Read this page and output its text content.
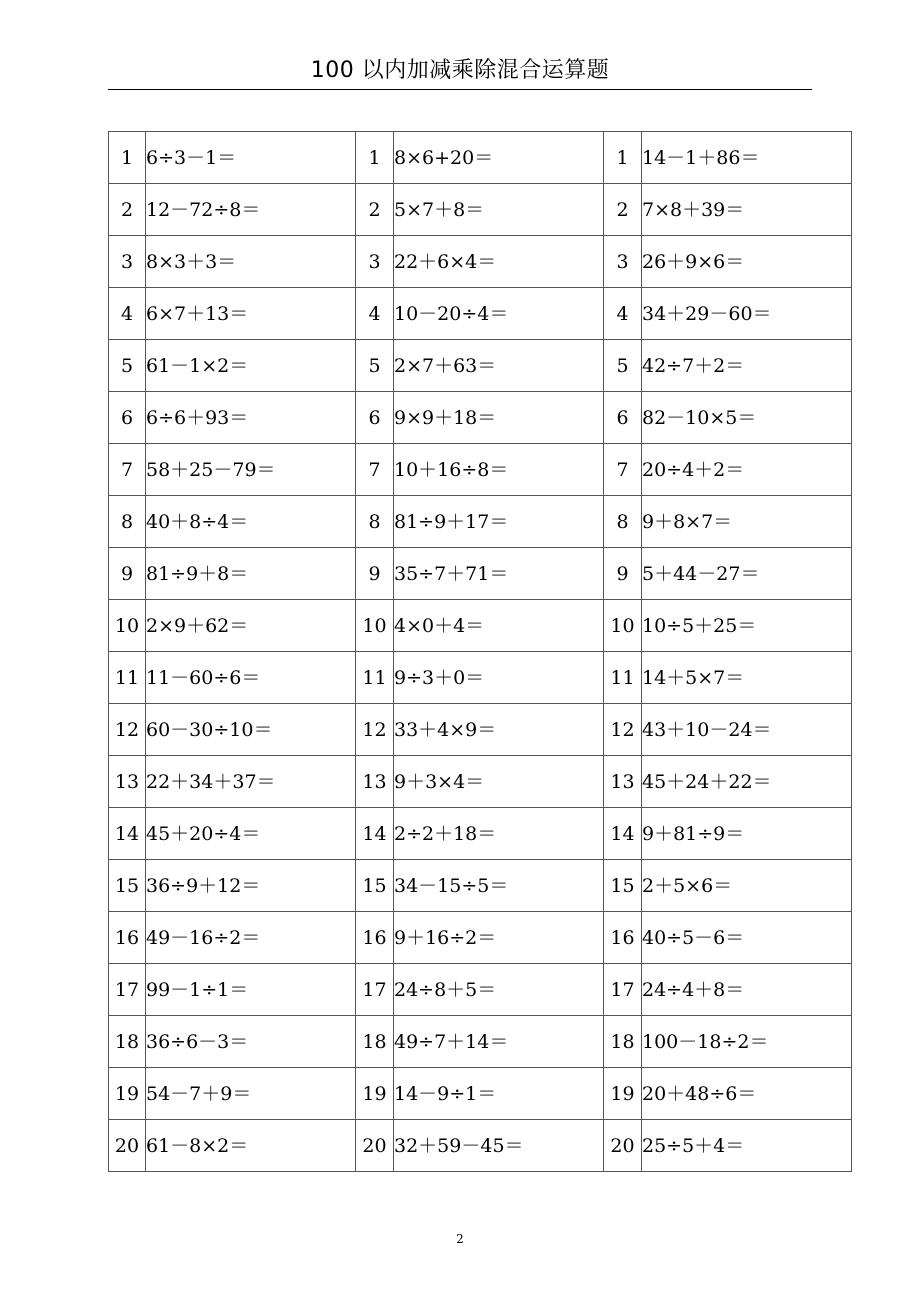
100 以内加减乘除混合运算题
1	6÷3－1＝	1	8×6+20＝	1	14－1＋86＝
2	12－72÷8＝	2	5×7＋8＝	2	7×8＋39＝
3	8×3＋3＝	3	22＋6×4＝	3	26＋9×6＝
4	6×7＋13＝	4	10－20÷4＝	4	34＋29－60＝
5	61－1×2＝	5	2×7＋63＝	5	42÷7＋2＝
6	6÷6＋93＝	6	9×9＋18＝	6	82－10×5＝
7	58＋25－79＝	7	10＋16÷8＝	7	20÷4＋2＝
8	40＋8÷4＝	8	81÷9＋17＝	8	9＋8×7＝
9	81÷9＋8＝	9	35÷7＋71＝	9	5＋44－27＝
10	2×9＋62＝	10	4×0＋4＝	10	10÷5＋25＝
11	11－60÷6＝	11	9÷3＋0＝	11	14＋5×7＝
12	60－30÷10＝	12	33＋4×9＝	12	43＋10－24＝
13	22＋34＋37＝	13	9＋3×4＝	13	45＋24＋22＝
14	45＋20÷4＝	14	2÷2＋18＝	14	9＋81÷9＝
15	36÷9＋12＝	15	34－15÷5＝	15	2＋5×6＝
16	49－16÷2＝	16	9＋16÷2＝	16	40÷5－6＝
17	99－1÷1＝	17	24÷8＋5＝	17	24÷4＋8＝
18	36÷6－3＝	18	49÷7＋14＝	18	100－18÷2＝
19	54－7＋9＝	19	14－9÷1＝	19	20＋48÷6＝
20	61－8×2＝	20	32＋59－45＝	20	25÷5＋4＝
2
